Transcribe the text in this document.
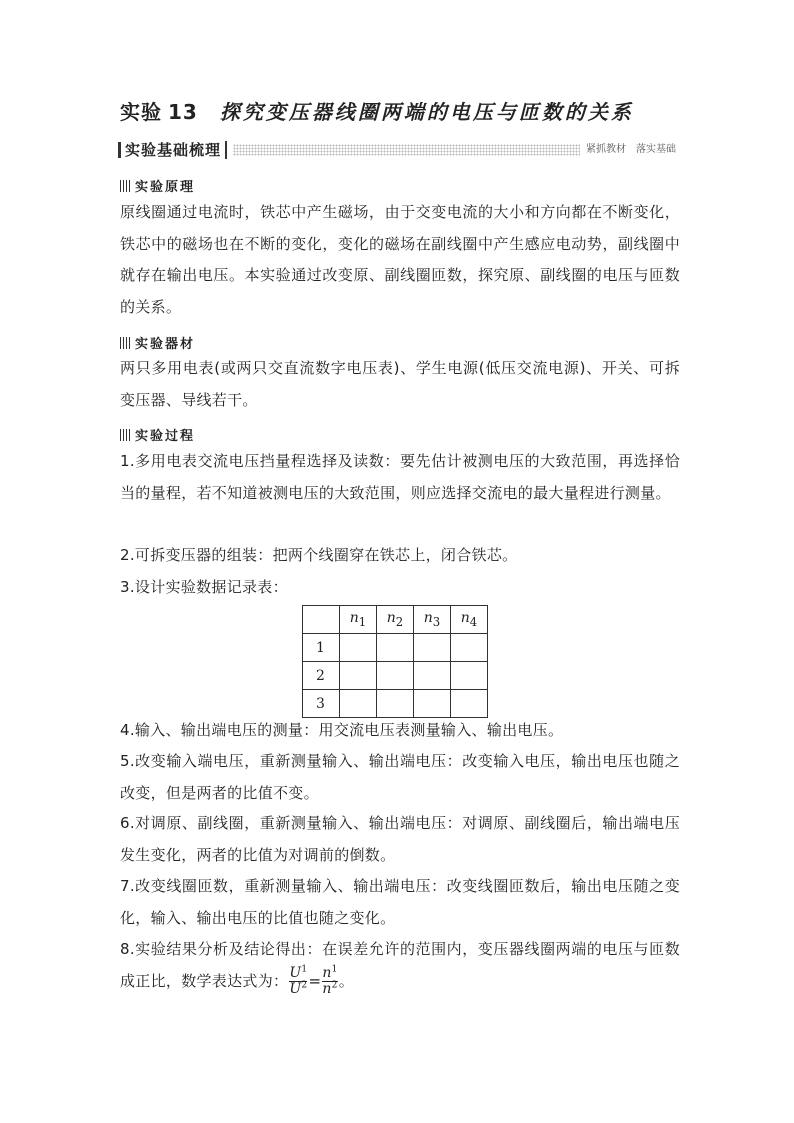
实验 13 探究变压器线圈两端的电压与匝数的关系
实验基础梳理	紧抓教材　落实基础
实验原理
原线圈通过电流时，铁芯中产生磁场，由于交变电流的大小和方向都在不断变化，铁芯中的磁场也在不断的变化，变化的磁场在副线圈中产生感应电动势，副线圈中就存在输出电压。本实验通过改变原、副线圈匝数，探究原、副线圈的电压与匝数的关系。
实验器材
两只多用电表(或两只交直流数字电压表)、学生电源(低压交流电源)、开关、可拆变压器、导线若干。
实验过程
1.多用电表交流电压挡量程选择及读数：要先估计被测电压的大致范围，再选择恰当的量程，若不知道被测电压的大致范围，则应选择交流电的最大量程进行测量。
2.可拆变压器的组装：把两个线圈穿在铁芯上，闭合铁芯。
3.设计实验数据记录表：
	$n_1$	$n_2$	$n_3$	$n_4$
1				
2				
3				
4.输入、输出端电压的测量：用交流电压表测量输入、输出电压。
5.改变输入端电压，重新测量输入、输出端电压：改变输入电压，输出电压也随之改变，但是两者的比值不变。
6.对调原、副线圈，重新测量输入、输出端电压：对调原、副线圈后，输出端电压发生变化，两者的比值为对调前的倒数。
7.改变线圈匝数，重新测量输入、输出端电压：改变线圈匝数后，输出电压随之变化，输入、输出电压的比值也随之变化。
8.实验结果分析及结论得出：在误差允许的范围内，变压器线圈两端的电压与匝数成正比，数学表达式为： $\frac{U^1}{U^2} = \frac{n^1}{n^2}$ 。
